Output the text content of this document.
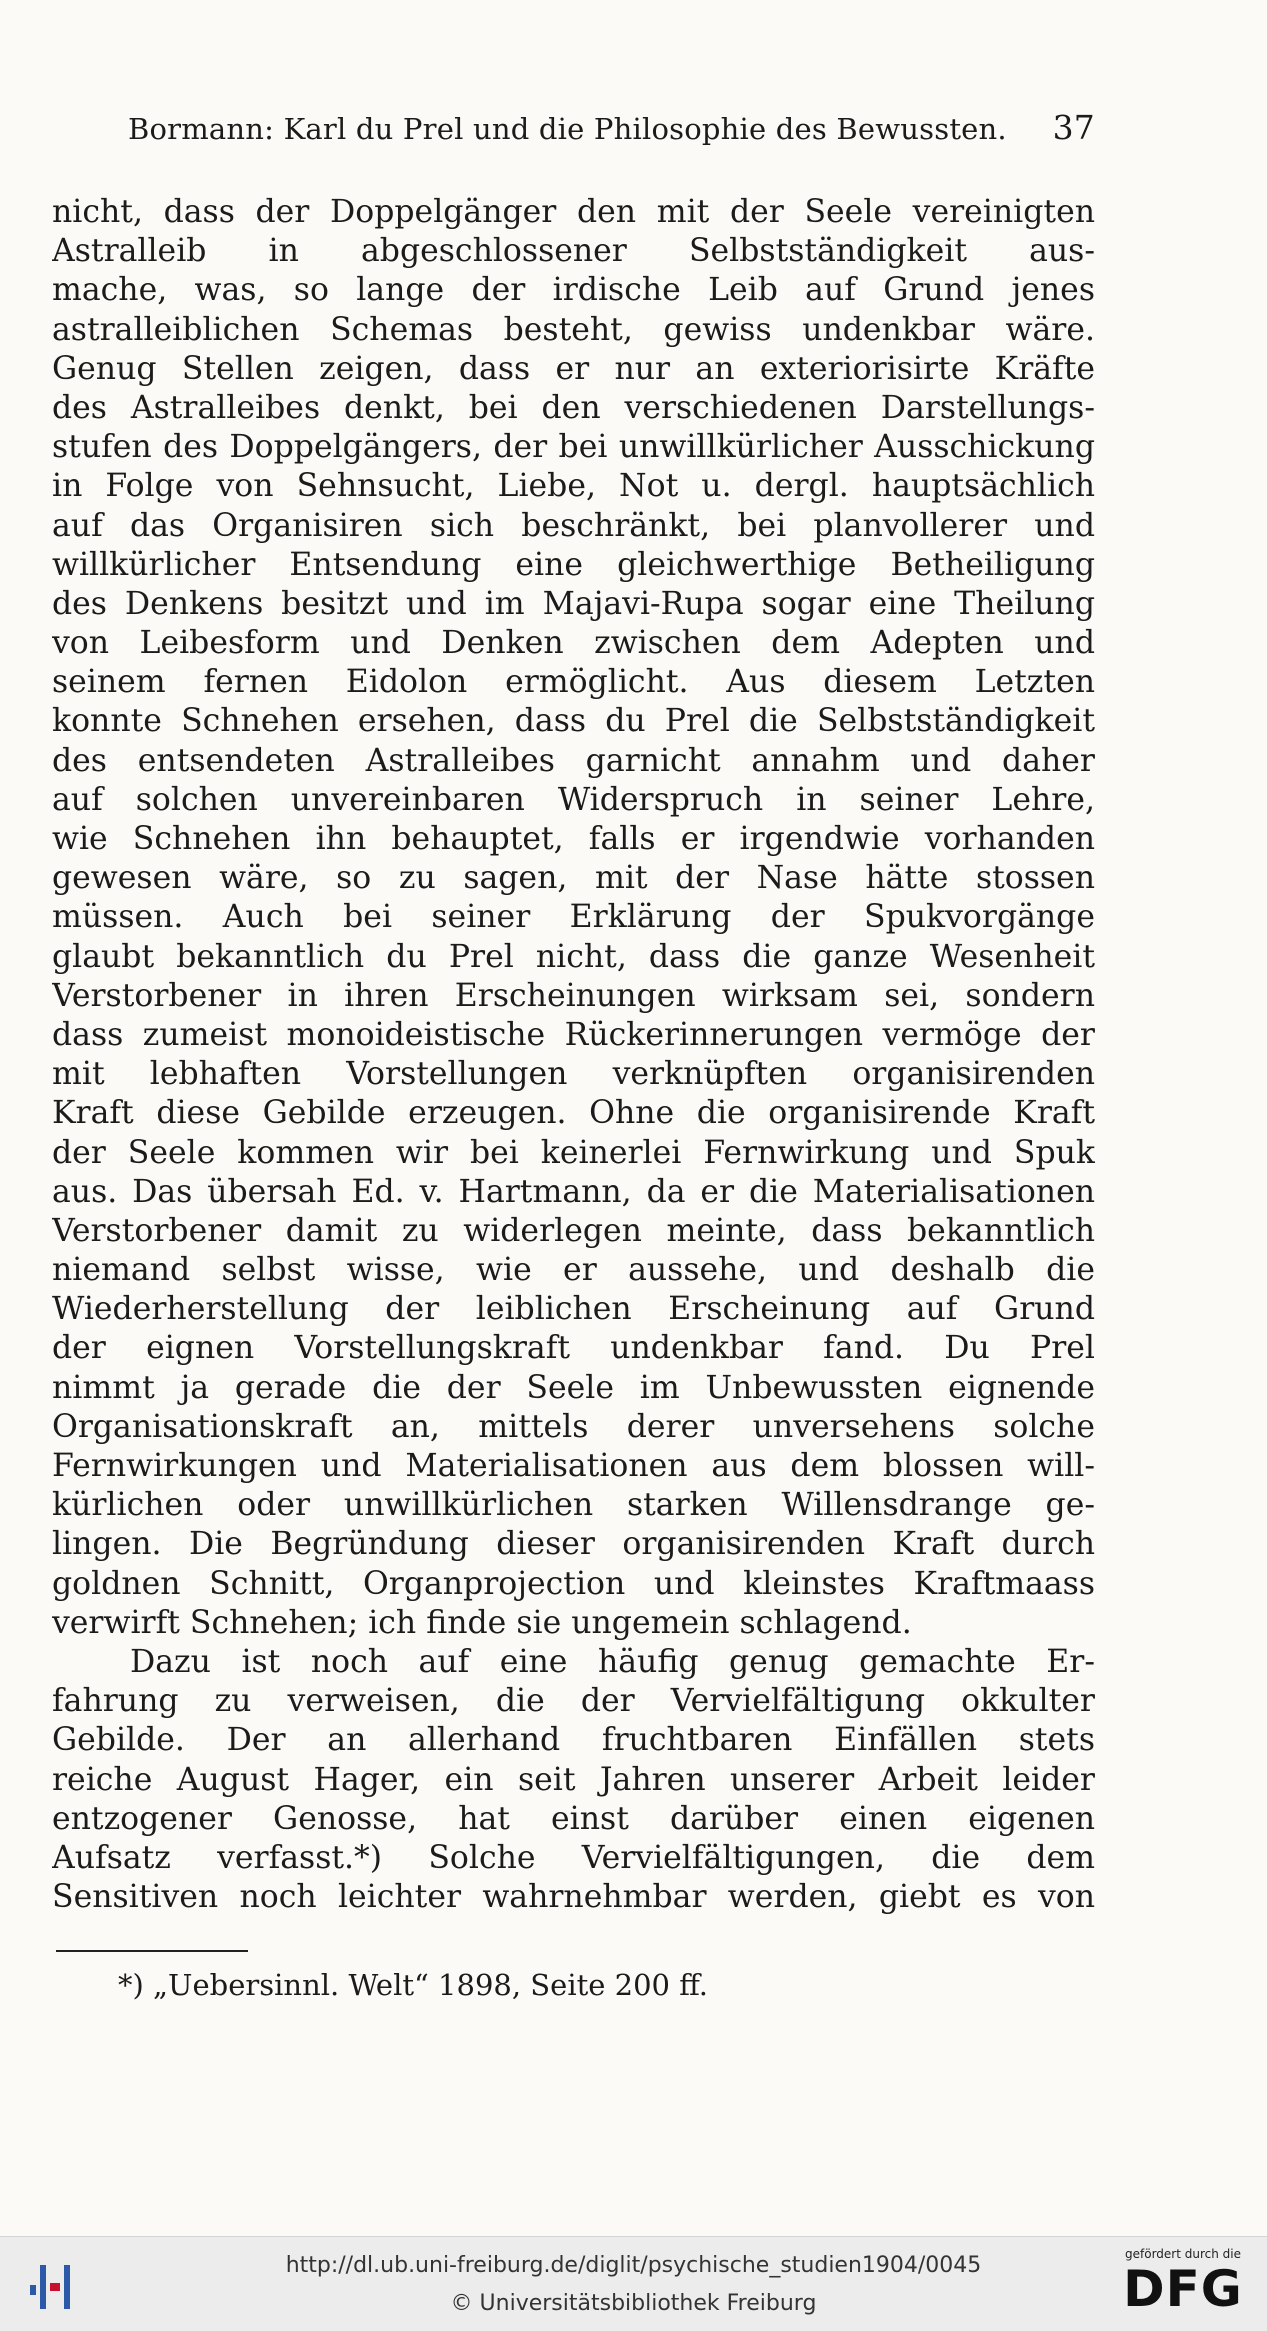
Bormann: Karl du Prel und die Philosophie des Bewussten. 37
nicht, dass der Doppelgänger den mit der Seele vereinigten
Astralleib in abgeschlossener Selbstständigkeit aus-
mache, was, so lange der irdische Leib auf Grund jenes
astralleiblichen Schemas besteht, gewiss undenkbar wäre.
Genug Stellen zeigen, dass er nur an exteriorisirte Kräfte
des Astralleibes denkt, bei den verschiedenen Darstellungs-
stufen des Doppelgängers, der bei unwillkürlicher Ausschickung
in Folge von Sehnsucht, Liebe, Not u. dergl. hauptsächlich
auf das Organisiren sich beschränkt, bei planvollerer und
willkürlicher Entsendung eine gleichwerthige Betheiligung
des Denkens besitzt und im Majavi-Rupa sogar eine Theilung
von Leibesform und Denken zwischen dem Adepten und
seinem fernen Eidolon ermöglicht. Aus diesem Letzten
konnte Schnehen ersehen, dass du Prel die Selbstständigkeit
des entsendeten Astralleibes garnicht annahm und daher
auf solchen unvereinbaren Widerspruch in seiner Lehre,
wie Schnehen ihn behauptet, falls er irgendwie vorhanden
gewesen wäre, so zu sagen, mit der Nase hätte stossen
müssen. Auch bei seiner Erklärung der Spukvorgänge
glaubt bekanntlich du Prel nicht, dass die ganze Wesenheit
Verstorbener in ihren Erscheinungen wirksam sei, sondern
dass zumeist monoideistische Rückerinnerungen vermöge der
mit lebhaften Vorstellungen verknüpften organisirenden
Kraft diese Gebilde erzeugen. Ohne die organisirende Kraft
der Seele kommen wir bei keinerlei Fernwirkung und Spuk
aus. Das übersah Ed. v. Hartmann, da er die Materialisationen
Verstorbener damit zu widerlegen meinte, dass bekanntlich
niemand selbst wisse, wie er aussehe, und deshalb die
Wiederherstellung der leiblichen Erscheinung auf Grund
der eignen Vorstellungskraft undenkbar fand. Du Prel
nimmt ja gerade die der Seele im Unbewussten eignende
Organisationskraft an, mittels derer unversehens solche
Fernwirkungen und Materialisationen aus dem blossen will-
kürlichen oder unwillkürlichen starken Willensdrange ge-
lingen. Die Begründung dieser organisirenden Kraft durch
goldnen Schnitt, Organprojection und kleinstes Kraftmaass
verwirft Schnehen; ich finde sie ungemein schlagend.
Dazu ist noch auf eine häufig genug gemachte Er-
fahrung zu verweisen, die der Vervielfältigung okkulter
Gebilde. Der an allerhand fruchtbaren Einfällen stets
reiche August Hager, ein seit Jahren unserer Arbeit leider
entzogener Genosse, hat einst darüber einen eigenen
Aufsatz verfasst.*) Solche Vervielfältigungen, die dem
Sensitiven noch leichter wahrnehmbar werden, giebt es von
*) „Uebersinnl. Welt“ 1898, Seite 200 ff.
http://dl.ub.uni-freiburg.de/diglit/psychische_studien1904/0045
© Universitätsbibliothek Freiburg
gefördert durch die
DFG
